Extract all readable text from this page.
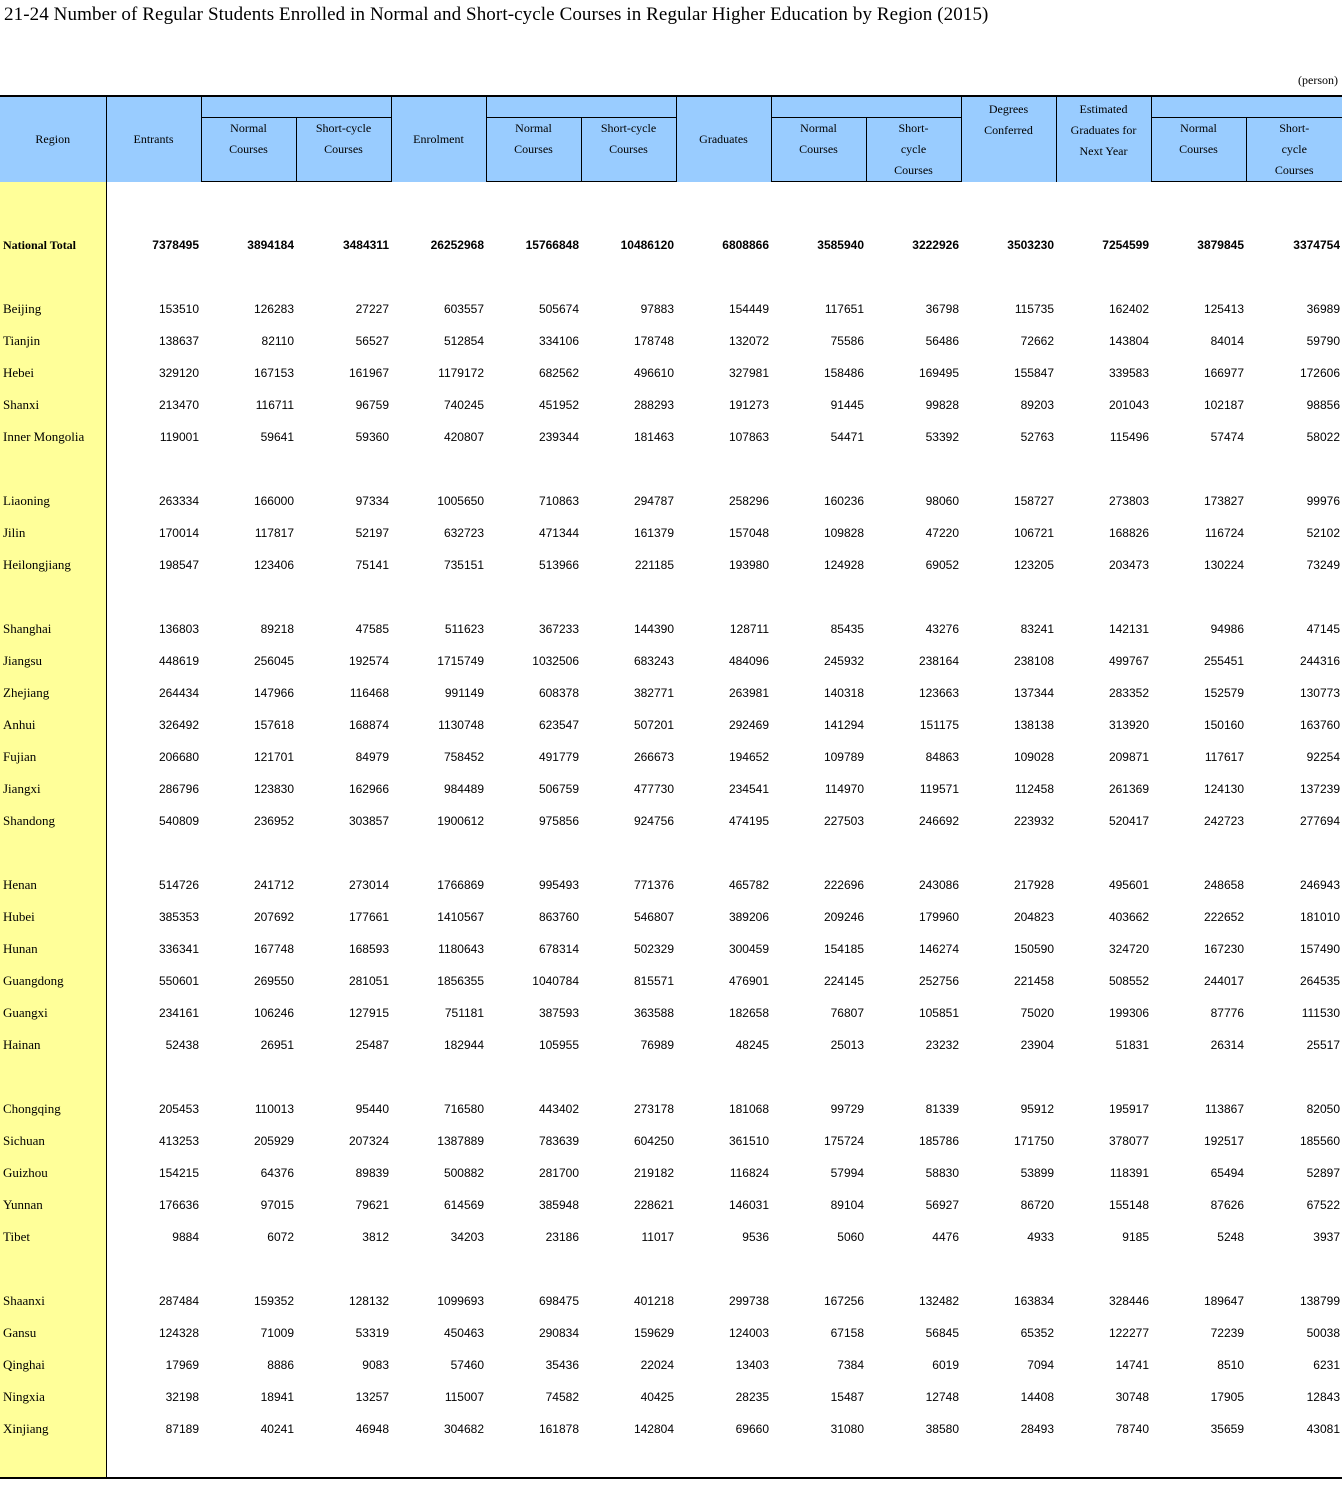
21-24 Number of Regular Students Enrolled in Normal and Short-cycle Courses in Regular Higher Education by Region (2015)
(person)
Region	Entrants			Enrolment			Graduates			Degrees Conferred	Estimated Graduates for Next Year		
		Normal Courses	Short-cycle Courses		Normal Courses	Short-cycle Courses		Normal Courses	Short- cycle Courses			Normal Courses	Short- cycle Courses

National Total	7378495	3894184	3484311	26252968	15766848	10486120	6808866	3585940	3222926	3503230	7254599	3879845	3374754

Beijing	153510	126283	27227	603557	505674	97883	154449	117651	36798	115735	162402	125413	36989
Tianjin	138637	82110	56527	512854	334106	178748	132072	75586	56486	72662	143804	84014	59790
Hebei	329120	167153	161967	1179172	682562	496610	327981	158486	169495	155847	339583	166977	172606
Shanxi	213470	116711	96759	740245	451952	288293	191273	91445	99828	89203	201043	102187	98856
Inner Mongolia	119001	59641	59360	420807	239344	181463	107863	54471	53392	52763	115496	57474	58022

Liaoning	263334	166000	97334	1005650	710863	294787	258296	160236	98060	158727	273803	173827	99976
Jilin	170014	117817	52197	632723	471344	161379	157048	109828	47220	106721	168826	116724	52102
Heilongjiang	198547	123406	75141	735151	513966	221185	193980	124928	69052	123205	203473	130224	73249

Shanghai	136803	89218	47585	511623	367233	144390	128711	85435	43276	83241	142131	94986	47145
Jiangsu	448619	256045	192574	1715749	1032506	683243	484096	245932	238164	238108	499767	255451	244316
Zhejiang	264434	147966	116468	991149	608378	382771	263981	140318	123663	137344	283352	152579	130773
Anhui	326492	157618	168874	1130748	623547	507201	292469	141294	151175	138138	313920	150160	163760
Fujian	206680	121701	84979	758452	491779	266673	194652	109789	84863	109028	209871	117617	92254
Jiangxi	286796	123830	162966	984489	506759	477730	234541	114970	119571	112458	261369	124130	137239
Shandong	540809	236952	303857	1900612	975856	924756	474195	227503	246692	223932	520417	242723	277694

Henan	514726	241712	273014	1766869	995493	771376	465782	222696	243086	217928	495601	248658	246943
Hubei	385353	207692	177661	1410567	863760	546807	389206	209246	179960	204823	403662	222652	181010
Hunan	336341	167748	168593	1180643	678314	502329	300459	154185	146274	150590	324720	167230	157490
Guangdong	550601	269550	281051	1856355	1040784	815571	476901	224145	252756	221458	508552	244017	264535
Guangxi	234161	106246	127915	751181	387593	363588	182658	76807	105851	75020	199306	87776	111530
Hainan	52438	26951	25487	182944	105955	76989	48245	25013	23232	23904	51831	26314	25517

Chongqing	205453	110013	95440	716580	443402	273178	181068	99729	81339	95912	195917	113867	82050
Sichuan	413253	205929	207324	1387889	783639	604250	361510	175724	185786	171750	378077	192517	185560
Guizhou	154215	64376	89839	500882	281700	219182	116824	57994	58830	53899	118391	65494	52897
Yunnan	176636	97015	79621	614569	385948	228621	146031	89104	56927	86720	155148	87626	67522
Tibet	9884	6072	3812	34203	23186	11017	9536	5060	4476	4933	9185	5248	3937

Shaanxi	287484	159352	128132	1099693	698475	401218	299738	167256	132482	163834	328446	189647	138799
Gansu	124328	71009	53319	450463	290834	159629	124003	67158	56845	65352	122277	72239	50038
Qinghai	17969	8886	9083	57460	35436	22024	13403	7384	6019	7094	14741	8510	6231
Ningxia	32198	18941	13257	115007	74582	40425	28235	15487	12748	14408	30748	17905	12843
Xinjiang	87189	40241	46948	304682	161878	142804	69660	31080	38580	28493	78740	35659	43081
